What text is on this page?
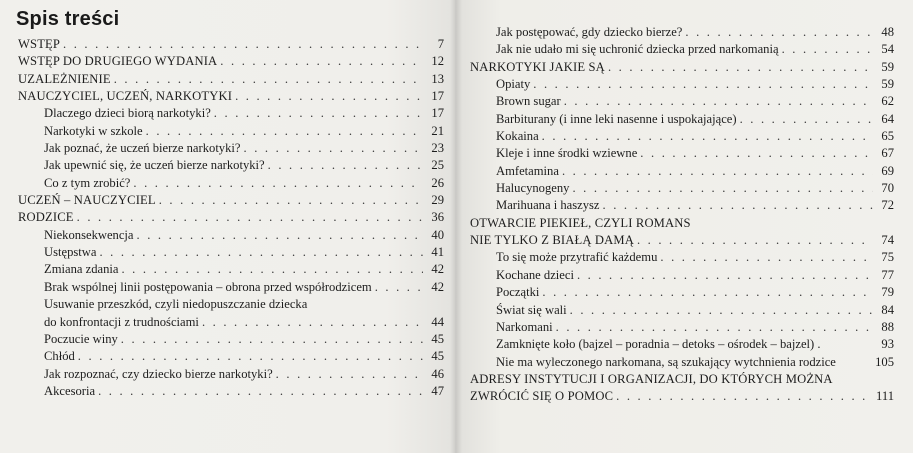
Spis treści
WSTĘP . . .	7
WSTĘP DO DRUGIEGO WYDANIA . . .	12
UZALEŻNIENIE . . .	13
NAUCZYCIEL, UCZEŃ, NARKOTYKI . . .	17
Dlaczego dzieci biorą narkotyki? . . .	17
Narkotyki w szkole . . .	21
Jak poznać, że uczeń bierze narkotyki? . . .	23
Jak upewnić się, że uczeń bierze narkotyki? . . .	25
Co z tym zrobić? . . .	26
UCZEŃ – NAUCZYCIEL . . .	29
RODZICE . . .	36
Niekonsekwencja . . .	40
Ustępstwa . . .	41
Zmiana zdania . . .	42
Brak wspólnej linii postępowania – obrona przed współrodzicem . . .	42
Usuwanie przeszkód, czyli niedopuszczanie dziecka
do konfrontacji z trudnościami . . .	44
Poczucie winy . . .	45
Chłód . . .	45
Jak rozpoznać, czy dziecko bierze narkotyki? . . .	46
Akcesoria . . .	47
Jak postępować, gdy dziecko bierze? . . .	48
Jak nie udało mi się uchronić dziecka przed narkomanią . . .	54
NARKOTYKI JAKIE SĄ . . .	59
Opiaty . . .	59
Brown sugar . . .	62
Barbiturany (i inne leki nasenne i uspokajające) . . .	64
Kokaina . . .	65
Kleje i inne środki wziewne . . .	67
Amfetamina . . .	69
Halucynogeny . . .	70
Marihuana i haszysz . . .	72
OTWARCIE PIEKIEŁ, CZYLI ROMANS
NIE TYLKO Z BIAŁĄ DAMĄ . . .	74
To się może przytrafić każdemu . . .	75
Kochane dzieci . . .	77
Początki . . .	79
Świat się wali . . .	84
Narkomani . . .	88
Zamknięte koło (bajzel – poradnia – detoks – ośrodek – bajzel) .	93
Nie ma wyleczonego narkomana, są szukający wytchnienia rodzice	105
ADRESY INSTYTUCJI I ORGANIZACJI, DO KTÓRYCH MOŻNA
ZWRÓCIĆ SIĘ O POMOC . . .	111
